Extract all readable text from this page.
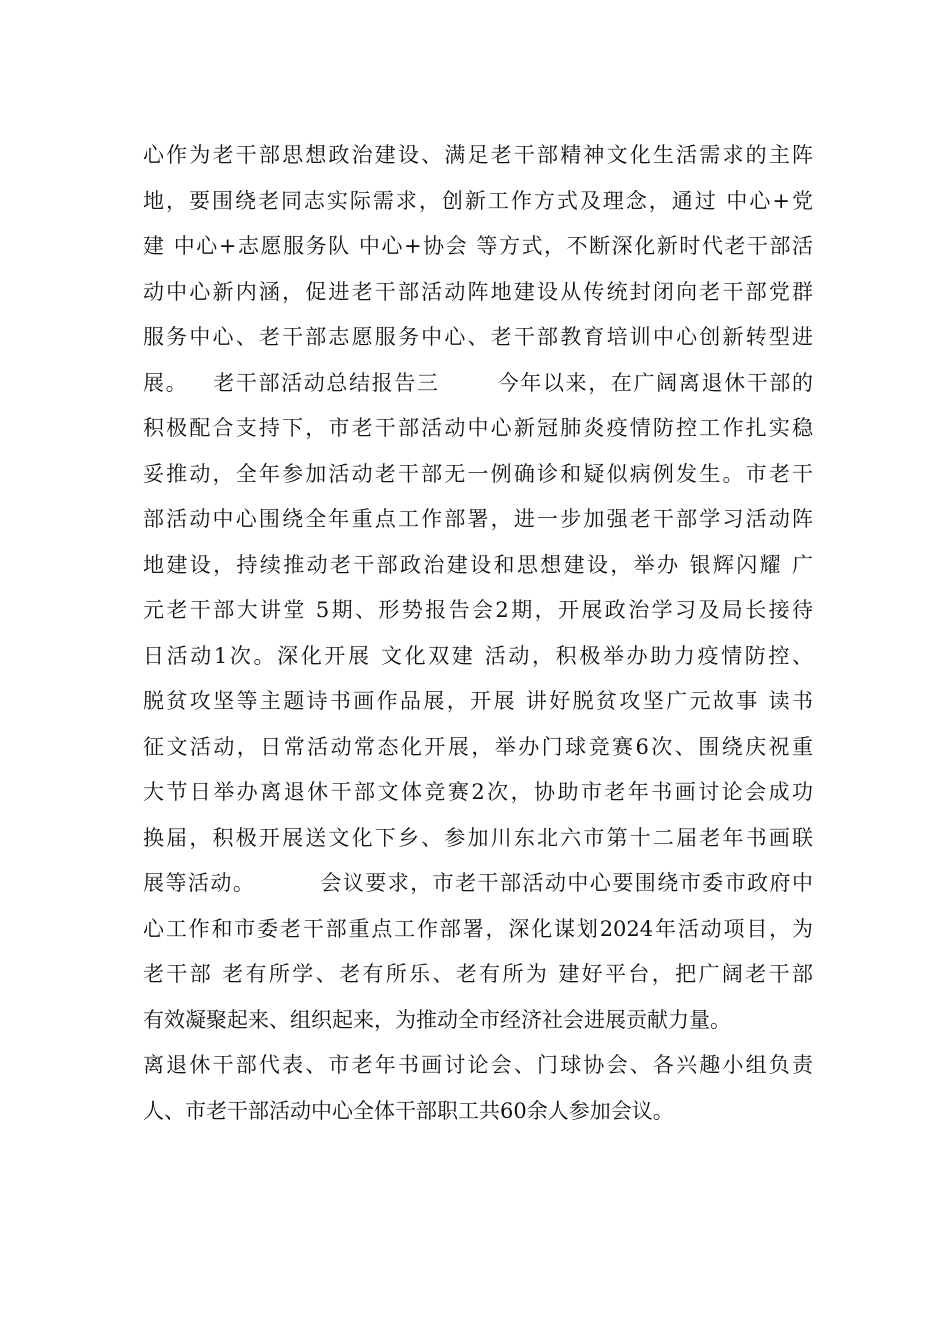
心作为老干部思想政治建设、满足老干部精神文化生活需求的主阵
地，要围绕老同志实际需求，创新工作方式及理念，通过 中心+党
建 中心+志愿服务队 中心+协会 等方式，不断深化新时代老干部活
动中心新内涵，促进老干部活动阵地建设从传统封闭向老干部党群
服务中心、老干部志愿服务中心、老干部教育培训中心创新转型进
展。   老干部活动总结报告三       今年以来，在广阔离退休干部的
积极配合支持下，市老干部活动中心新冠肺炎疫情防控工作扎实稳
妥推动，全年参加活动老干部无一例确诊和疑似病例发生。市老干
部活动中心围绕全年重点工作部署，进一步加强老干部学习活动阵
地建设，持续推动老干部政治建设和思想建设，举办 银辉闪耀 广
元老干部大讲堂 5期、形势报告会2期，开展政治学习及局长接待
日活动1次。深化开展 文化双建 活动，积极举办助力疫情防控、
脱贫攻坚等主题诗书画作品展，开展 讲好脱贫攻坚广元故事 读书
征文活动，日常活动常态化开展，举办门球竞赛6次、围绕庆祝重
大节日举办离退休干部文体竞赛2次，协助市老年书画讨论会成功
换届，积极开展送文化下乡、参加川东北六市第十二届老年书画联
展等活动。        会议要求，市老干部活动中心要围绕市委市政府中
心工作和市委老干部重点工作部署，深化谋划2024年活动项目，为
老干部 老有所学、老有所乐、老有所为 建好平台，把广阔老干部
有效凝聚起来、组织起来，为推动全市经济社会进展贡献力量。
离退休干部代表、市老年书画讨论会、门球协会、各兴趣小组负责
人、市老干部活动中心全体干部职工共60余人参加会议。
